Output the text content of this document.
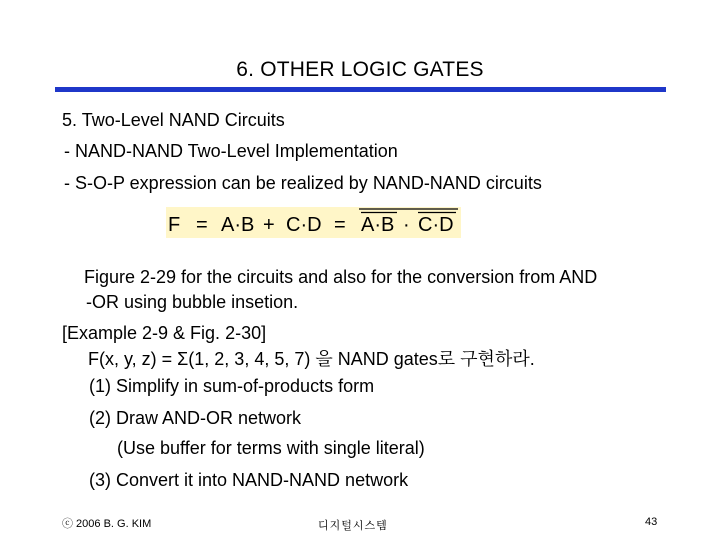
6. OTHER LOGIC GATES
5. Two-Level NAND Circuits
- NAND-NAND Two-Level Implementation
- S-O-P expression can be realized by NAND-NAND circuits
F = A·B + C·D = A·B · C·D
Figure 2-29 for the circuits and also for the conversion from AND
-OR using bubble insetion.
[Example 2-9 & Fig. 2-30]
F(x, y, z) = Σ(1, 2, 3, 4, 5, 7) 을 NAND gates로 구현하라.
(1) Simplify in sum-of-products form
(2) Draw AND-OR network
(Use buffer for terms with single literal)
(3) Convert it into NAND-NAND network
ⓒ 2006 B. G. KIM	디지털시스템	43
